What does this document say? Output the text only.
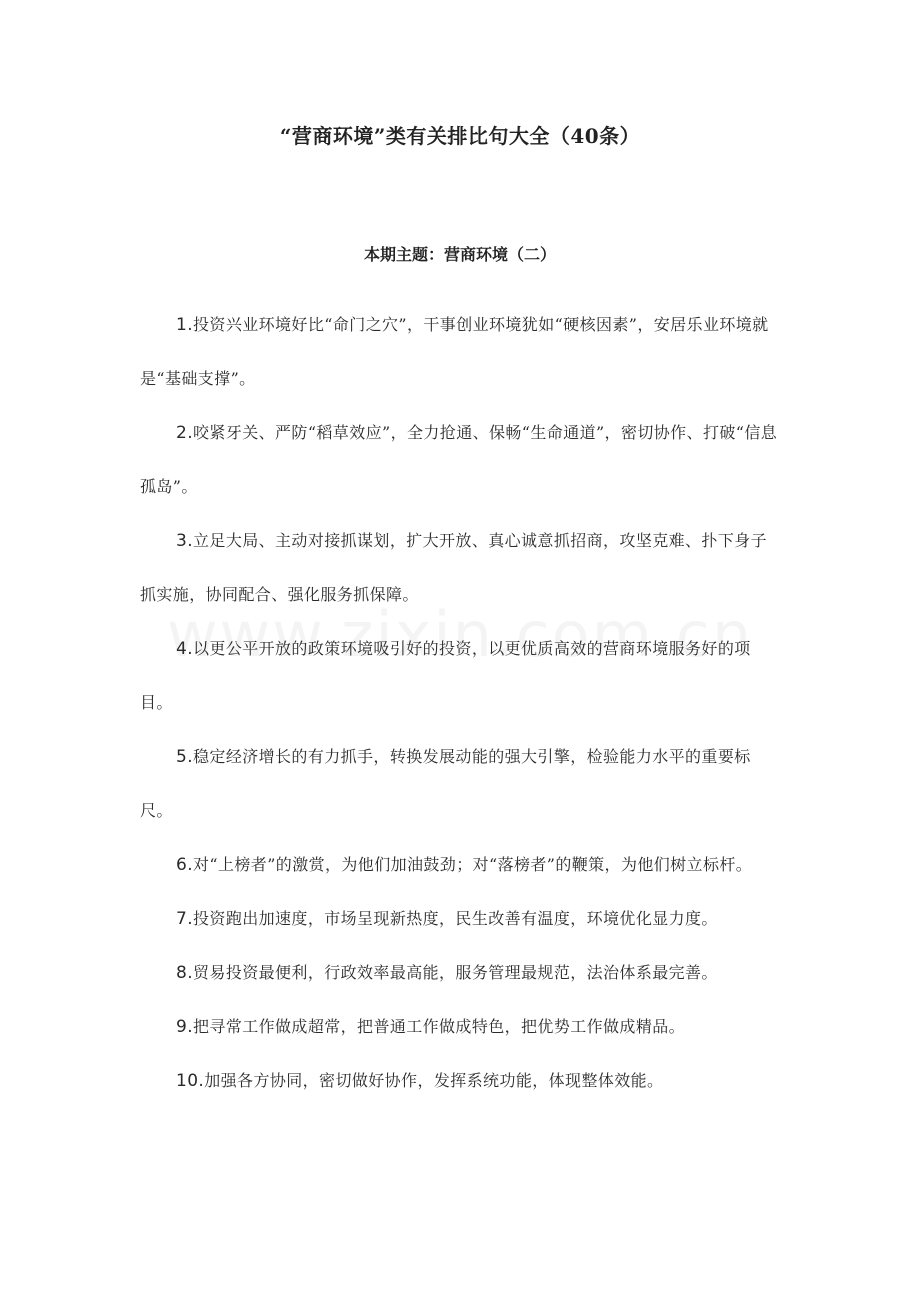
“营商环境”类有关排比句大全（40条）
本期主题：营商环境（二）

1.投资兴业环境好比“命门之穴”，干事创业环境犹如“硬核因素”，安居乐业环境就是“基础支撑”。

2.咬紧牙关、严防“稻草效应”，全力抢通、保畅“生命通道”，密切协作、打破“信息孤岛”。

3.立足大局、主动对接抓谋划，扩大开放、真心诚意抓招商，攻坚克难、扑下身子抓实施，协同配合、强化服务抓保障。

4.以更公平开放的政策环境吸引好的投资，以更优质高效的营商环境服务好的项目。

5.稳定经济增长的有力抓手，转换发展动能的强大引擎，检验能力水平的重要标尺。

6.对“上榜者”的激赏，为他们加油鼓劲；对“落榜者”的鞭策，为他们树立标杆。

7.投资跑出加速度，市场呈现新热度，民生改善有温度，环境优化显力度。

8.贸易投资最便利，行政效率最高能，服务管理最规范，法治体系最完善。

9.把寻常工作做成超常，把普通工作做成特色，把优势工作做成精品。

10.加强各方协同，密切做好协作，发挥系统功能，体现整体效能。
